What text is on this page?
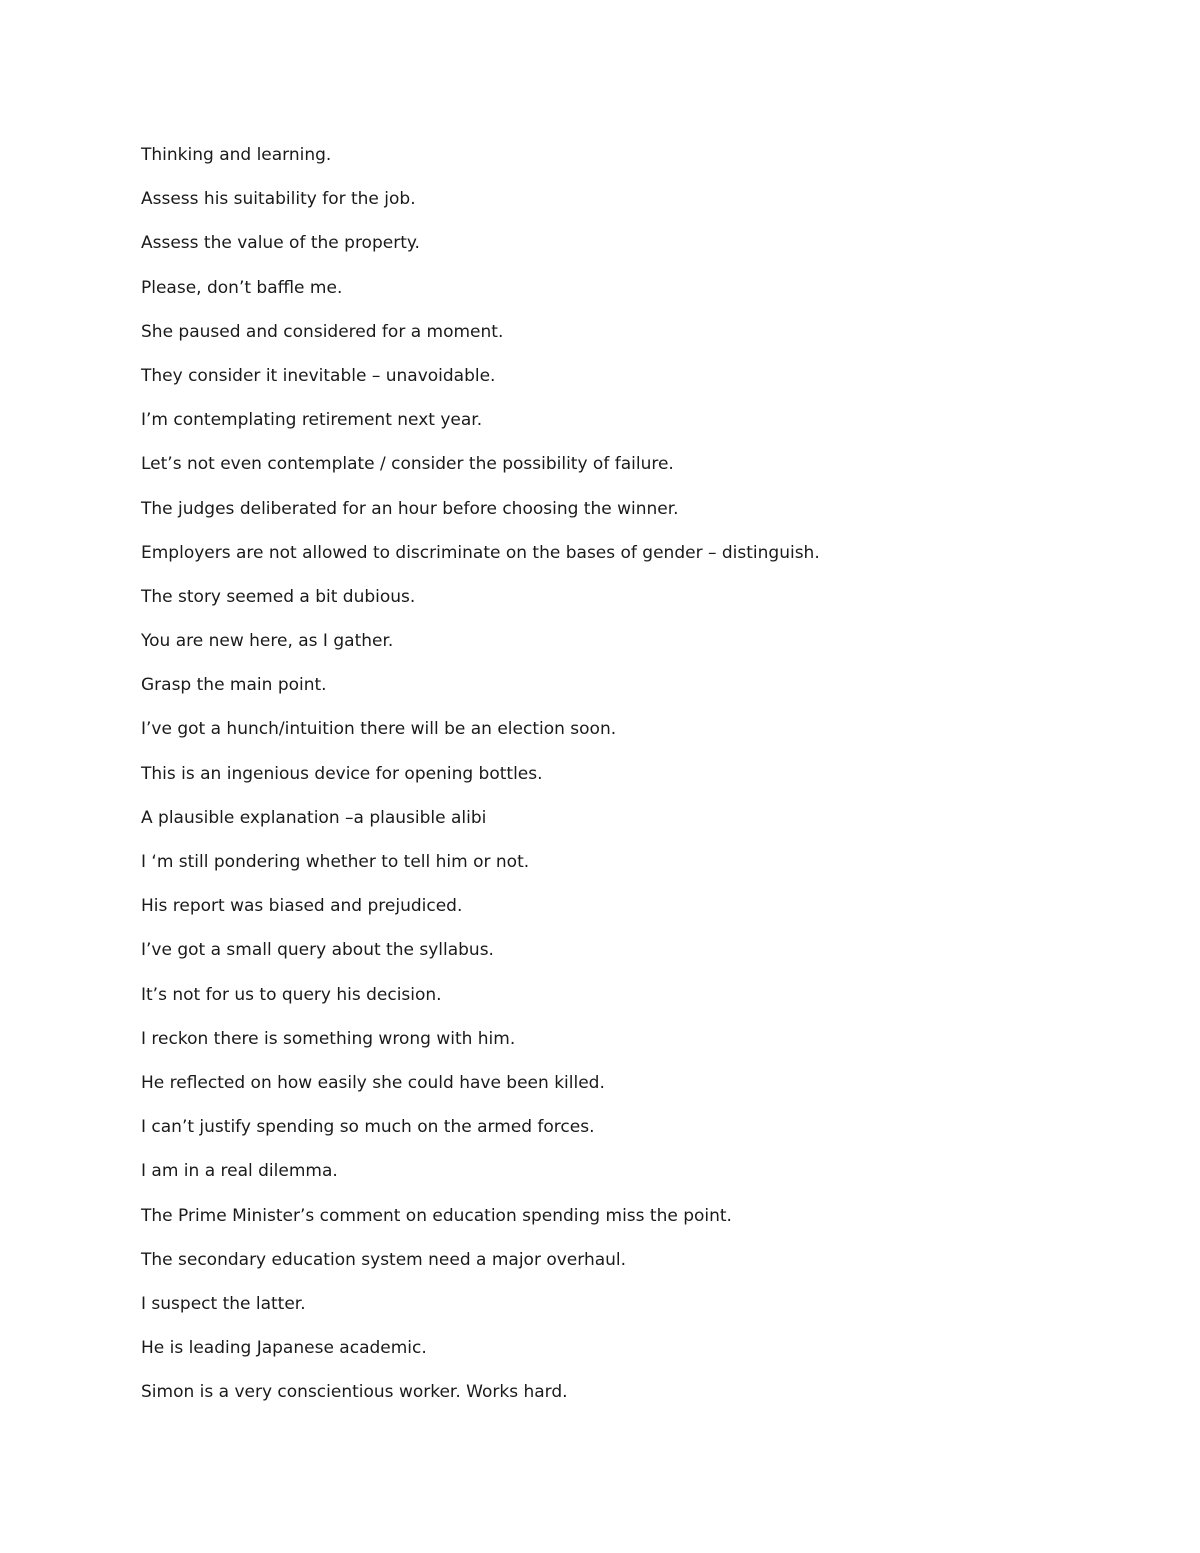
Thinking and learning.
Assess his suitability for the job.
Assess the value of the property.
Please, don’t baffle me.
She paused and considered for a moment.
They consider it inevitable – unavoidable.
I’m contemplating retirement next year.
Let’s not even contemplate / consider the possibility of failure.
The judges deliberated for an hour before choosing the winner.
Employers are not allowed to discriminate on the bases of gender – distinguish.
The story seemed a bit dubious.
You are new here, as I gather.
Grasp the main point.
I’ve got a hunch/intuition there will be an election soon.
This is an ingenious device for opening bottles.
A plausible explanation –a plausible alibi
I ‘m still pondering whether to tell him or not.
His report was biased and prejudiced.
I’ve got a small query about the syllabus.
It’s not for us to query his decision.
I reckon there is something wrong with him.
He reflected on how easily she could have been killed.
I can’t justify spending so much on the armed forces.
I am in a real dilemma.
The Prime Minister’s comment on education spending miss the point.
The secondary education system need a major overhaul.
I suspect the latter.
He is leading Japanese academic.
Simon is a very conscientious worker. Works hard.
